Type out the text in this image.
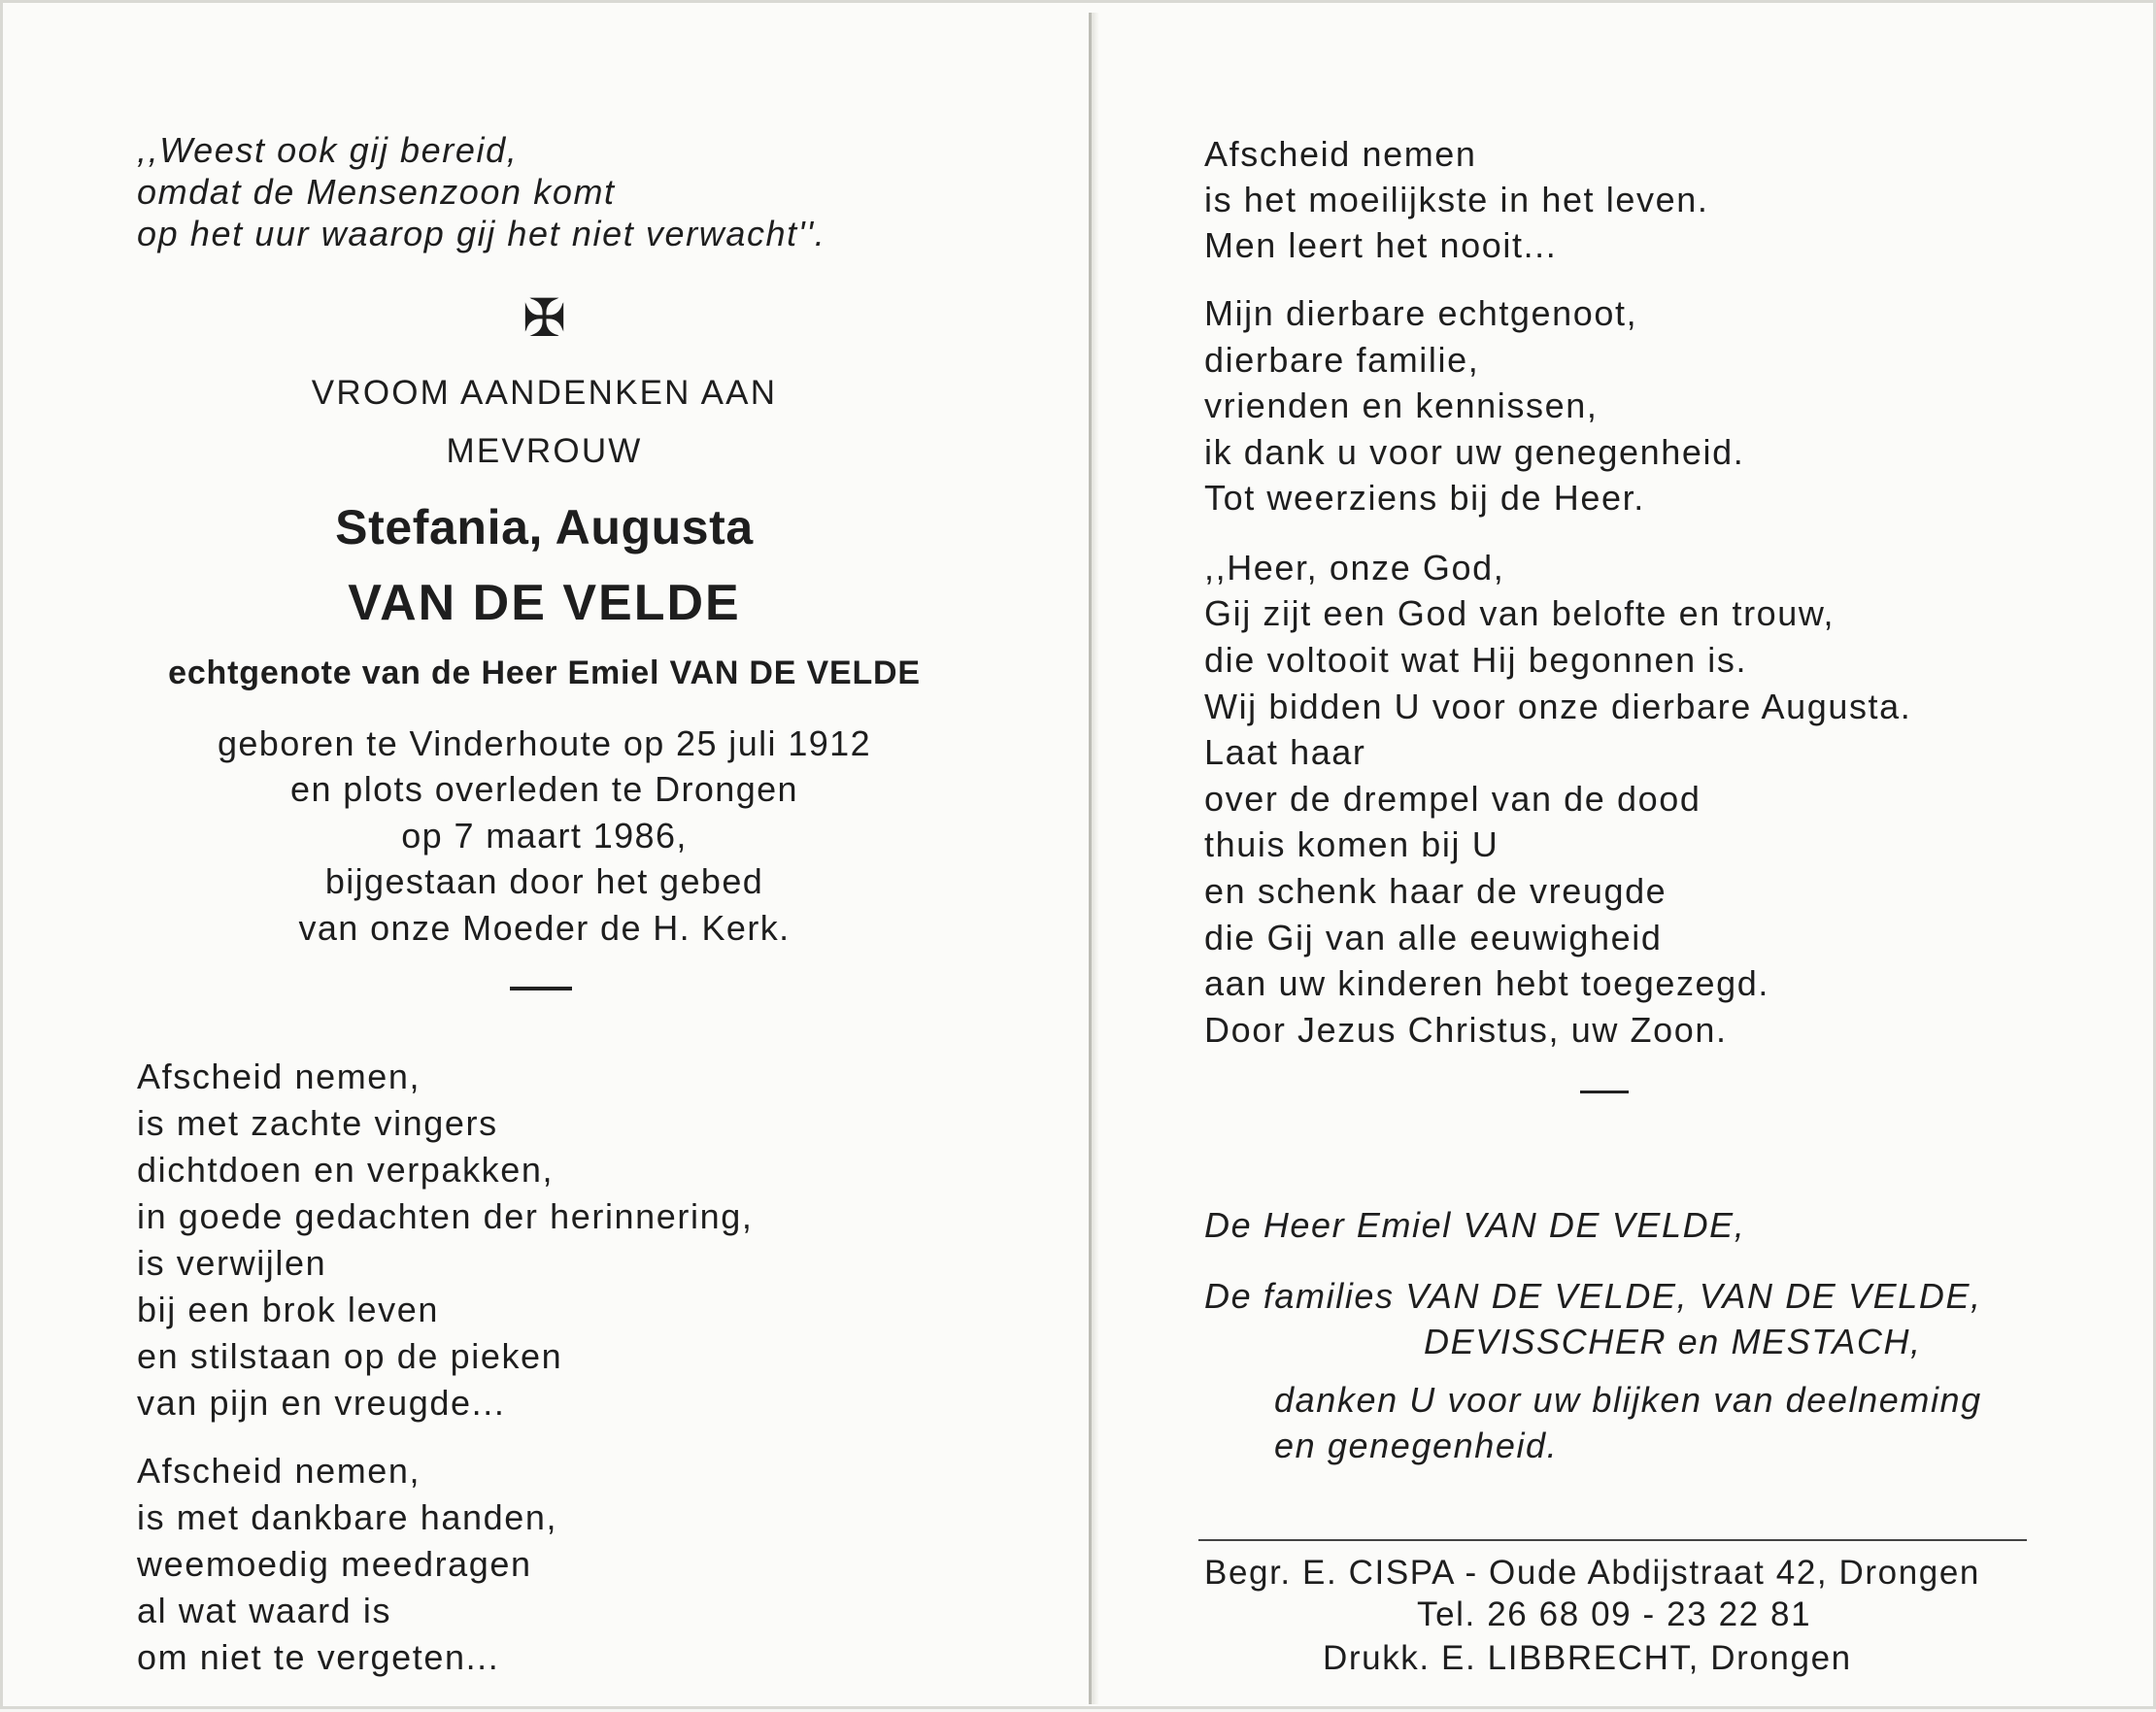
,,Weest ook gij bereid,
omdat de Mensenzoon komt
op het uur waarop gij het niet verwacht''.
✠
VROOM AANDENKEN AAN
MEVROUW
Stefania, Augusta
VAN DE VELDE
echtgenote van de Heer Emiel VAN DE VELDE
geboren te Vinderhoute op 25 juli 1912
en plots overleden te Drongen
op 7 maart 1986,
bijgestaan door het gebed
van onze Moeder de H. Kerk.
Afscheid nemen,
is met zachte vingers
dichtdoen en verpakken,
in goede gedachten der herinnering,
is verwijlen
bij een brok leven
en stilstaan op de pieken
van pijn en vreugde...
Afscheid nemen,
is met dankbare handen,
weemoedig meedragen
al wat waard is
om niet te vergeten...
Afscheid nemen
is het moeilijkste in het leven.
Men leert het nooit...
Mijn dierbare echtgenoot,
dierbare familie,
vrienden en kennissen,
ik dank u voor uw genegenheid.
Tot weerziens bij de Heer.
,,Heer, onze God,
Gij zijt een God van belofte en trouw,
die voltooit wat Hij begonnen is.
Wij bidden U voor onze dierbare Augusta.
Laat haar
over de drempel van de dood
thuis komen bij U
en schenk haar de vreugde
die Gij van alle eeuwigheid
aan uw kinderen hebt toegezegd.
Door Jezus Christus, uw Zoon.
De Heer Emiel VAN DE VELDE,
De families VAN DE VELDE, VAN DE VELDE,
DEVISSCHER en MESTACH,
danken U voor uw blijken van deelneming
en genegenheid.
Begr. E. CISPA - Oude Abdijstraat 42, Drongen
Tel. 26 68 09 - 23 22 81
Drukk. E. LIBBRECHT, Drongen
